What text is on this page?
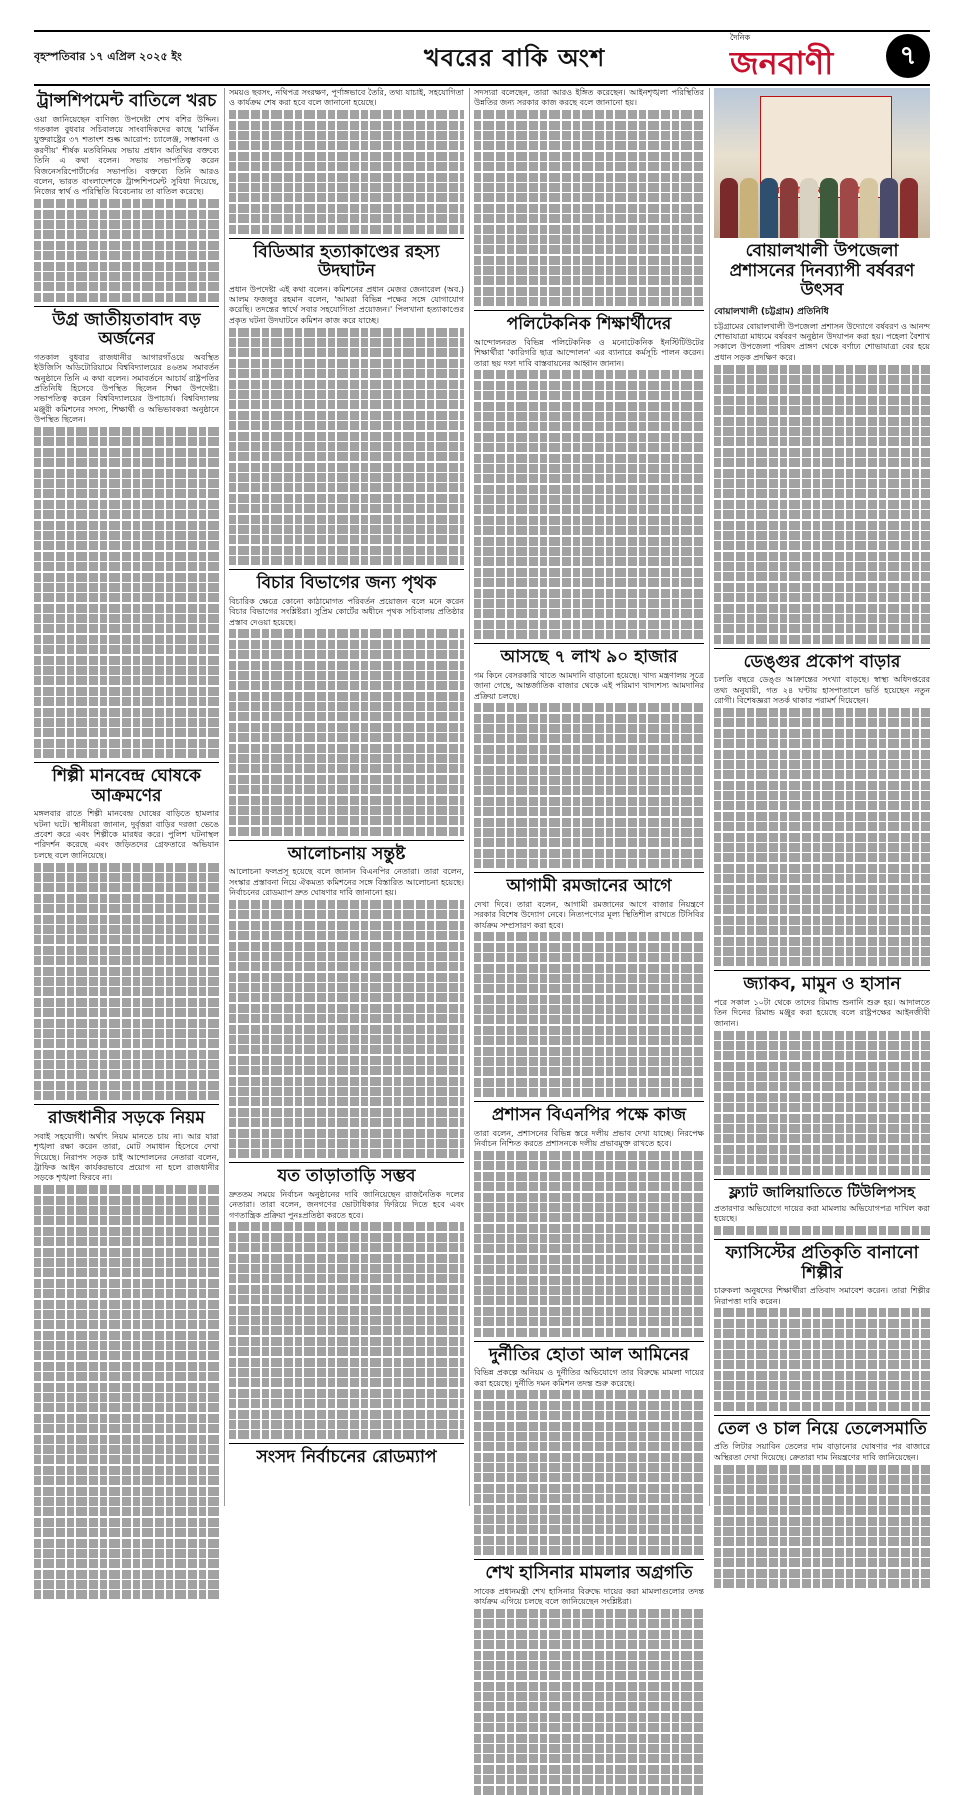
বৃহস্পতিবার ১৭ এপ্রিল ২০২৫ ইং	খবরের বাকি অংশ
দৈনিক
জনবাণী	৭
ট্রান্সশিপমেন্ট বাতিলে খরচ

ওয়া জানিয়েছেন বাণিজ্য উপদেষ্টা শেখ বশির উদ্দিন। গতকাল বুধবার সচিবালয়ে সাংবাদিকদের কাছে 'মার্কিন যুক্তরাষ্ট্রের ৩৭ শতাংশ শুল্ক আরোপ: চ্যালেঞ্জ, সম্ভাবনা ও করণীয়' শীর্ষক মতবিনিময় সভায় প্রধান অতিথির বক্তব্যে তিনি এ কথা বলেন। সভায় সভাপতিত্ব করেন বিজনেসরিপোর্টার্সের সভাপতি। বক্তব্যে তিনি আরও বলেন, ভারত বাংলাদেশকে ট্রান্সশিপমেন্ট সুবিধা দিয়েছে, নিজের স্বার্থ ও পরিস্থিতি বিবেচনায় তা বাতিল করেছে।

উগ্র জাতীয়তাবাদ বড় অর্জনের

গতকাল বুধবার রাজধানীর আগারগাঁওয়ে অবস্থিত ইউজিসি অডিটোরিয়ামে বিশ্ববিদ্যালয়ের ৪৬তম সমাবর্তন অনুষ্ঠানে তিনি এ কথা বলেন। সমাবর্তনে আচার্য রাষ্ট্রপতির প্রতিনিধি হিসেবে উপস্থিত ছিলেন শিক্ষা উপদেষ্টা। সভাপতিত্ব করেন বিশ্ববিদ্যালয়ের উপাচার্য। বিশ্ববিদ্যালয় মঞ্জুরী কমিশনের সদস্য, শিক্ষার্থী ও অভিভাবকরা অনুষ্ঠানে উপস্থিত ছিলেন।

শিল্পী মানবেন্দ্র ঘোষকে আক্রমণের

মঙ্গলবার রাতে শিল্পী মানবেন্দ্র ঘোষের বাড়িতে হামলার ঘটনা ঘটে। স্থানীয়রা জানান, দুর্বৃত্তরা বাড়ির দরজা ভেঙে প্রবেশ করে এবং শিল্পীকে মারধর করে। পুলিশ ঘটনাস্থল পরিদর্শন করেছে এবং জড়িতদের গ্রেফতারে অভিযান চলছে বলে জানিয়েছে।

রাজধানীর সড়কে নিয়ম

সবাই সহযোগী। অর্থাৎ নিয়ম মানতে চায় না। আর যারা শৃঙ্খলা রক্ষা করেন তারা, মোট সমাধান হিসেবে দেখা দিয়েছে। নিরাপদ সড়ক চাই আন্দোলনের নেতারা বলেন, ট্রাফিক আইন কার্যকরভাবে প্রয়োগ না হলে রাজধানীর সড়কে শৃঙ্খলা ফিরবে না।

সময়ও ছবসং, নথিপত্র সংরক্ষণ, পূর্ণাঙ্গভাবে তৈরি, তথ্য যাচাই, সহযোগিতা ও কার্যক্রম শেষ করা হবে বলে জানানো হয়েছে।

বিডিআর হত্যাকাণ্ডের রহস্য উদঘাটন

প্রধান উপদেষ্টা এই কথা বলেন। কমিশনের প্রধান মেজর জেনারেল (অব.) আলম ফজলুর রহমান বলেন, 'আমরা বিভিন্ন পক্ষের সঙ্গে যোগাযোগ করেছি। তদন্তের স্বার্থে সবার সহযোগিতা প্রয়োজন।' পিলখানা হত্যাকাণ্ডের প্রকৃত ঘটনা উদঘাটনে কমিশন কাজ করে যাচ্ছে।

বিচার বিভাগের জন্য পৃথক

বিচারিক ক্ষেত্রে কোনো কাঠামোগত পরিবর্তন প্রয়োজন বলে মনে করেন বিচার বিভাগের সংশ্লিষ্টরা। সুপ্রিম কোর্টের অধীনে পৃথক সচিবালয় প্রতিষ্ঠার প্রস্তাব দেওয়া হয়েছে।

আলোচনায় সন্তুষ্ট

আলোচনা ফলপ্রসূ হয়েছে বলে জানান বিএনপির নেতারা। তারা বলেন, সংস্কার প্রস্তাবনা নিয়ে ঐকমত্য কমিশনের সঙ্গে বিস্তারিত আলোচনা হয়েছে। নির্বাচনের রোডম্যাপ দ্রুত ঘোষণার দাবি জানানো হয়।

যত তাড়াতাড়ি সম্ভব

দ্রুততম সময়ে নির্বাচন অনুষ্ঠানের দাবি জানিয়েছেন রাজনৈতিক দলের নেতারা। তারা বলেন, জনগণের ভোটাধিকার ফিরিয়ে দিতে হবে এবং গণতান্ত্রিক প্রক্রিয়া পুনঃপ্রতিষ্ঠা করতে হবে।

সংসদ নির্বাচনের রোডম্যাপ

সদস্যরা বলেছেন, তারা আরও ইঙ্গিত করেছেন। আইনশৃঙ্খলা পরিস্থিতির উন্নতির জন্য সরকার কাজ করছে বলে জানানো হয়।

পলিটেকনিক শিক্ষার্থীদের

আন্দোলনরত বিভিন্ন পলিটেকনিক ও মনোটেকনিক ইনস্টিটিউটের শিক্ষার্থীরা 'কারিগরি ছাত্র আন্দোলন' এর ব্যানারে কর্মসূচি পালন করেন। তারা ছয় দফা দাবি বাস্তবায়নের আহ্বান জানান।

আসছে ৭ লাখ ৯০ হাজার

গম কিনে বেসরকারি খাতে আমদানি বাড়ানো হয়েছে। খাদ্য মন্ত্রণালয় সূত্রে জানা গেছে, আন্তর্জাতিক বাজার থেকে এই পরিমাণ খাদ্যশস্য আমদানির প্রক্রিয়া চলছে।

আগামী রমজানের আগে

দেখা দিবে। তারা বলেন, আগামী রমজানের আগে বাজার নিয়ন্ত্রণে সরকার বিশেষ উদ্যোগ নেবে। নিত্যপণ্যের মূল্য স্থিতিশীল রাখতে টিসিবির কার্যক্রম সম্প্রসারণ করা হবে।

প্রশাসন বিএনপির পক্ষে কাজ

তারা বলেন, প্রশাসনের বিভিন্ন স্তরে দলীয় প্রভাব দেখা যাচ্ছে। নিরপেক্ষ নির্বাচন নিশ্চিত করতে প্রশাসনকে দলীয় প্রভাবমুক্ত রাখতে হবে।

দুর্নীতির হোতা আল আমিনের

বিভিন্ন প্রকল্পে অনিয়ম ও দুর্নীতির অভিযোগে তার বিরুদ্ধে মামলা দায়ের করা হয়েছে। দুর্নীতি দমন কমিশন তদন্ত শুরু করেছে।

শেখ হাসিনার মামলার অগ্রগতি

সাবেক প্রধানমন্ত্রী শেখ হাসিনার বিরুদ্ধে দায়ের করা মামলাগুলোর তদন্ত কার্যক্রম এগিয়ে চলছে বলে জানিয়েছেন সংশ্লিষ্টরা।

শোভাযাত্রা
বোয়ালখালী উপজেলা প্রশাসনের দিনব্যাপী বর্ষবরণ উৎসব
বোয়ালখালী (চট্টগ্রাম) প্রতিনিধি

চট্টগ্রামের বোয়ালখালী উপজেলা প্রশাসন উদ্যোগে বর্ষবরণ ও আনন্দ শোভাযাত্রা মাধ্যমে বর্ষবরণ অনুষ্ঠান উদযাপন করা হয়। পহেলা বৈশাখ সকালে উপজেলা পরিষদ প্রাঙ্গণ থেকে বর্ণাঢ্য শোভাযাত্রা বের হয়ে প্রধান সড়ক প্রদক্ষিণ করে।

ডেঙ্গুর প্রকোপ বাড়ার

চলতি বছরে ডেঙ্গু আক্রান্তের সংখ্যা বাড়ছে। স্বাস্থ্য অধিদপ্তরের তথ্য অনুযায়ী, গত ২৪ ঘণ্টায় হাসপাতালে ভর্তি হয়েছেন নতুন রোগী। বিশেষজ্ঞরা সতর্ক থাকার পরামর্শ দিয়েছেন।

জ্যাকব, মামুন ও হাসান

পরে সকাল ১০টা থেকে তাদের রিমান্ড শুনানি শুরু হয়। আদালতে তিন দিনের রিমান্ড মঞ্জুর করা হয়েছে বলে রাষ্ট্রপক্ষের আইনজীবী জানান।

ফ্ল্যাট জালিয়াতিতে টিউলিপসহ

প্রতারণার অভিযোগে দায়ের করা মামলায় অভিযোগপত্র দাখিল করা হয়েছে।

ফ্যাসিস্টের প্রতিকৃতি বানানো শিল্পীর

চারুকলা অনুষদের শিক্ষার্থীরা প্রতিবাদ সমাবেশ করেন। তারা শিল্পীর নিরাপত্তা দাবি করেন।

তেল ও চাল নিয়ে তেলেসমাতি

প্রতি লিটার সয়াবিন তেলের দাম বাড়ানোর ঘোষণার পর বাজারে অস্থিরতা দেখা দিয়েছে। ক্রেতারা দাম নিয়ন্ত্রণের দাবি জানিয়েছেন।
